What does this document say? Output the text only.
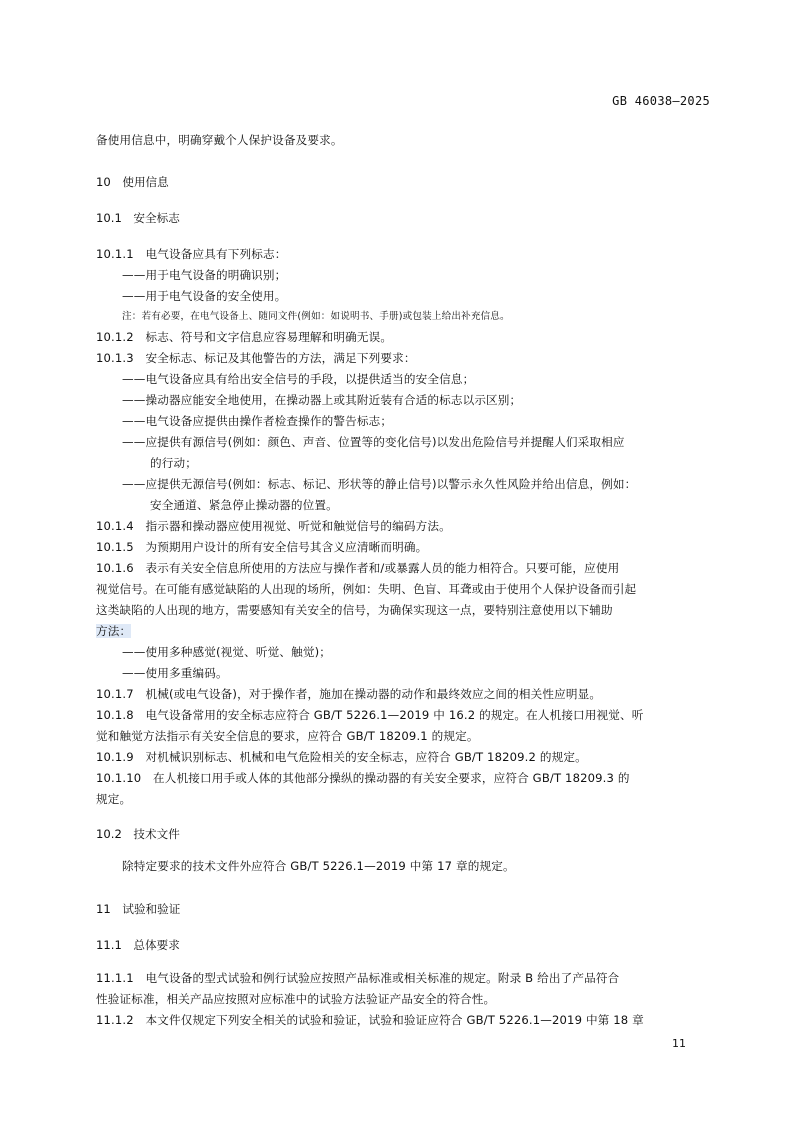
GB 46038—2025
备使用信息中，明确穿戴个人保护设备及要求。
10　使用信息
10.1　安全标志
10.1.1　电气设备应具有下列标志：
——用于电气设备的明确识别；
——用于电气设备的安全使用。
注：若有必要，在电气设备上、随同文件(例如：如说明书、手册)或包装上给出补充信息。
10.1.2　标志、符号和文字信息应容易理解和明确无误。
10.1.3　安全标志、标记及其他警告的方法，满足下列要求：
——电气设备应具有给出安全信号的手段，以提供适当的安全信息；
——操动器应能安全地使用，在操动器上或其附近装有合适的标志以示区别；
——电气设备应提供由操作者检查操作的警告标志；
——应提供有源信号(例如：颜色、声音、位置等的变化信号)以发出危险信号并提醒人们采取相应
的行动；
——应提供无源信号(例如：标志、标记、形状等的静止信号)以警示永久性风险并给出信息，例如：
安全通道、紧急停止操动器的位置。
10.1.4　指示器和操动器应使用视觉、听觉和触觉信号的编码方法。
10.1.5　为预期用户设计的所有安全信号其含义应清晰而明确。
10.1.6　表示有关安全信息所使用的方法应与操作者和/或暴露人员的能力相符合。只要可能，应使用
视觉信号。在可能有感觉缺陷的人出现的场所，例如：失明、色盲、耳聋或由于使用个人保护设备而引起
这类缺陷的人出现的地方，需要感知有关安全的信号，为确保实现这一点，要特别注意使用以下辅助
方法：
——使用多种感觉(视觉、听觉、触觉)；
——使用多重编码。
10.1.7　机械(或电气设备)，对于操作者，施加在操动器的动作和最终效应之间的相关性应明显。
10.1.8　电气设备常用的安全标志应符合 GB/T 5226.1—2019 中 16.2 的规定。在人机接口用视觉、听
觉和触觉方法指示有关安全信息的要求，应符合 GB/T 18209.1 的规定。
10.1.9　对机械识别标志、机械和电气危险相关的安全标志，应符合 GB/T 18209.2 的规定。
10.1.10　在人机接口用手或人体的其他部分操纵的操动器的有关安全要求，应符合 GB/T 18209.3 的
规定。
10.2　技术文件
除特定要求的技术文件外应符合 GB/T 5226.1—2019 中第 17 章的规定。
11　试验和验证
11.1　总体要求
11.1.1　电气设备的型式试验和例行试验应按照产品标准或相关标准的规定。附录 B 给出了产品符合
性验证标准，相关产品应按照对应标准中的试验方法验证产品安全的符合性。
11.1.2　本文件仅规定下列安全相关的试验和验证，试验和验证应符合 GB/T 5226.1—2019 中第 18 章
11
